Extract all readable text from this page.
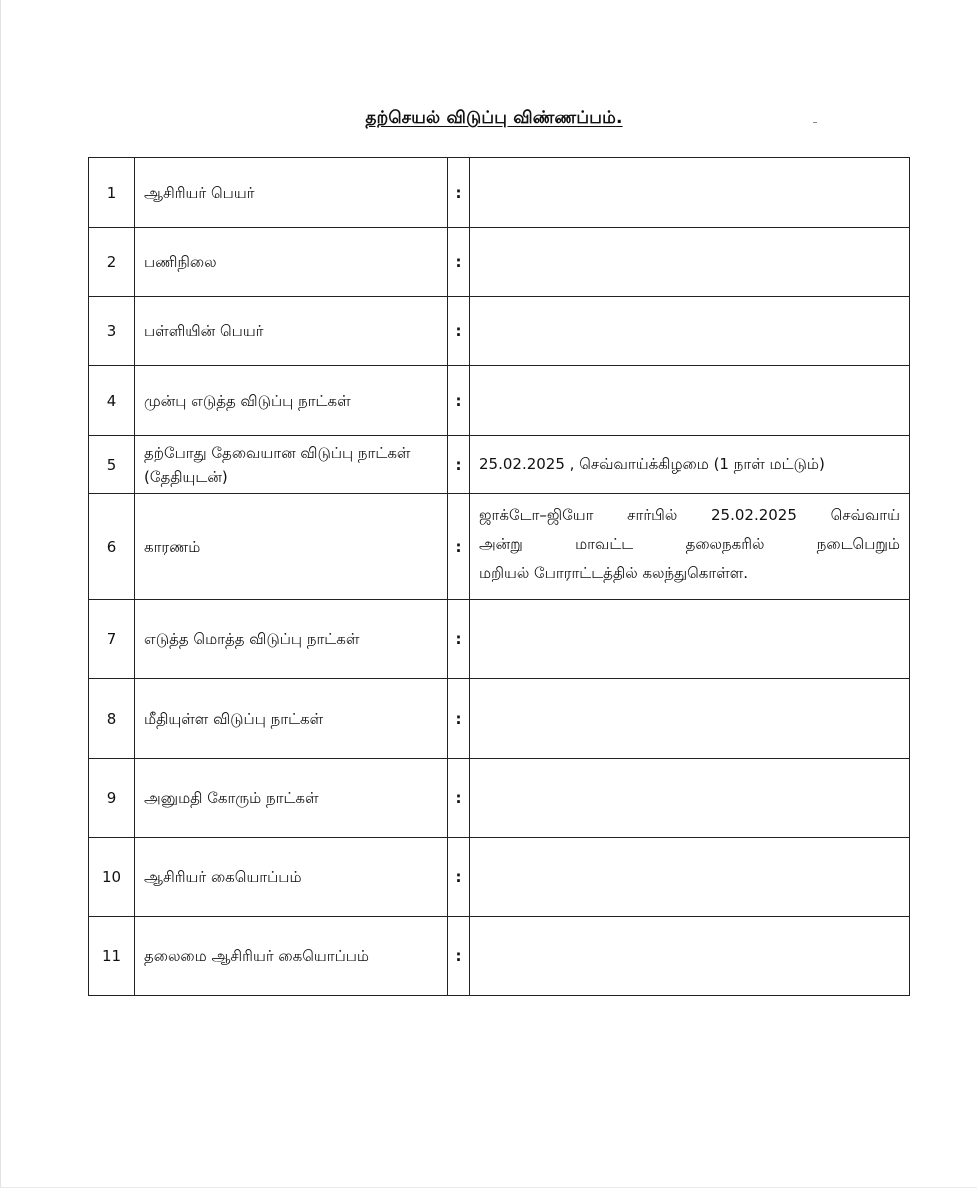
தற்செயல் விடுப்பு விண்ணப்பம்.
1	ஆசிரியர் பெயர்	:	
2	பணிநிலை	:	
3	பள்ளியின் பெயர்	:	
4	முன்பு எடுத்த விடுப்பு நாட்கள்	:	
5	தற்போது தேவையான விடுப்பு நாட்கள் (தேதியுடன்)	:	25.02.2025 , செவ்வாய்க்கிழமை (1 நாள் மட்டும்)

6	காரணம்	:	ஜாக்டோ–ஜியோ சார்பில் 25.02.2025 செவ்வாய்
அன்று மாவட்ட தலைநகரில் நடைபெறும்
மறியல் போராட்டத்தில் கலந்துகொள்ள.

7	எடுத்த மொத்த விடுப்பு நாட்கள்	:	
8	மீதியுள்ள விடுப்பு நாட்கள்	:	
9	அனுமதி கோரும் நாட்கள்	:	
10	ஆசிரியர் கையொப்பம்	:	
11	தலைமை ஆசிரியர் கையொப்பம்	:	
